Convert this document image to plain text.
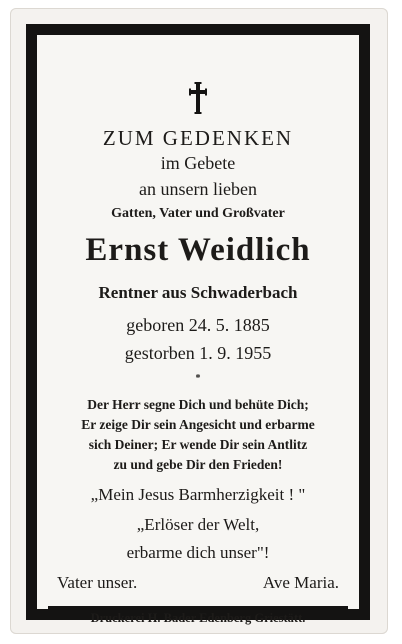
ZUM GEDENKEN
im Gebete
an unsern lieben
Gatten, Vater und Großvater
Ernst Weidlich
Rentner aus Schwaderbach
geboren 24. 5. 1885
gestorben 1. 9. 1955
*
Der Herr segne Dich und behüte Dich;
Er zeige Dir sein Angesicht und erbarme
sich Deiner; Er wende Dir sein Antlitz
zu und gebe Dir den Frieden!
„Mein Jesus Barmherzigkeit ! "
„Erlöser der Welt,
erbarme dich unser"!
Vater unser.	Ave Maria.
Druckerei H. Bader Edenberg Griestätt.
